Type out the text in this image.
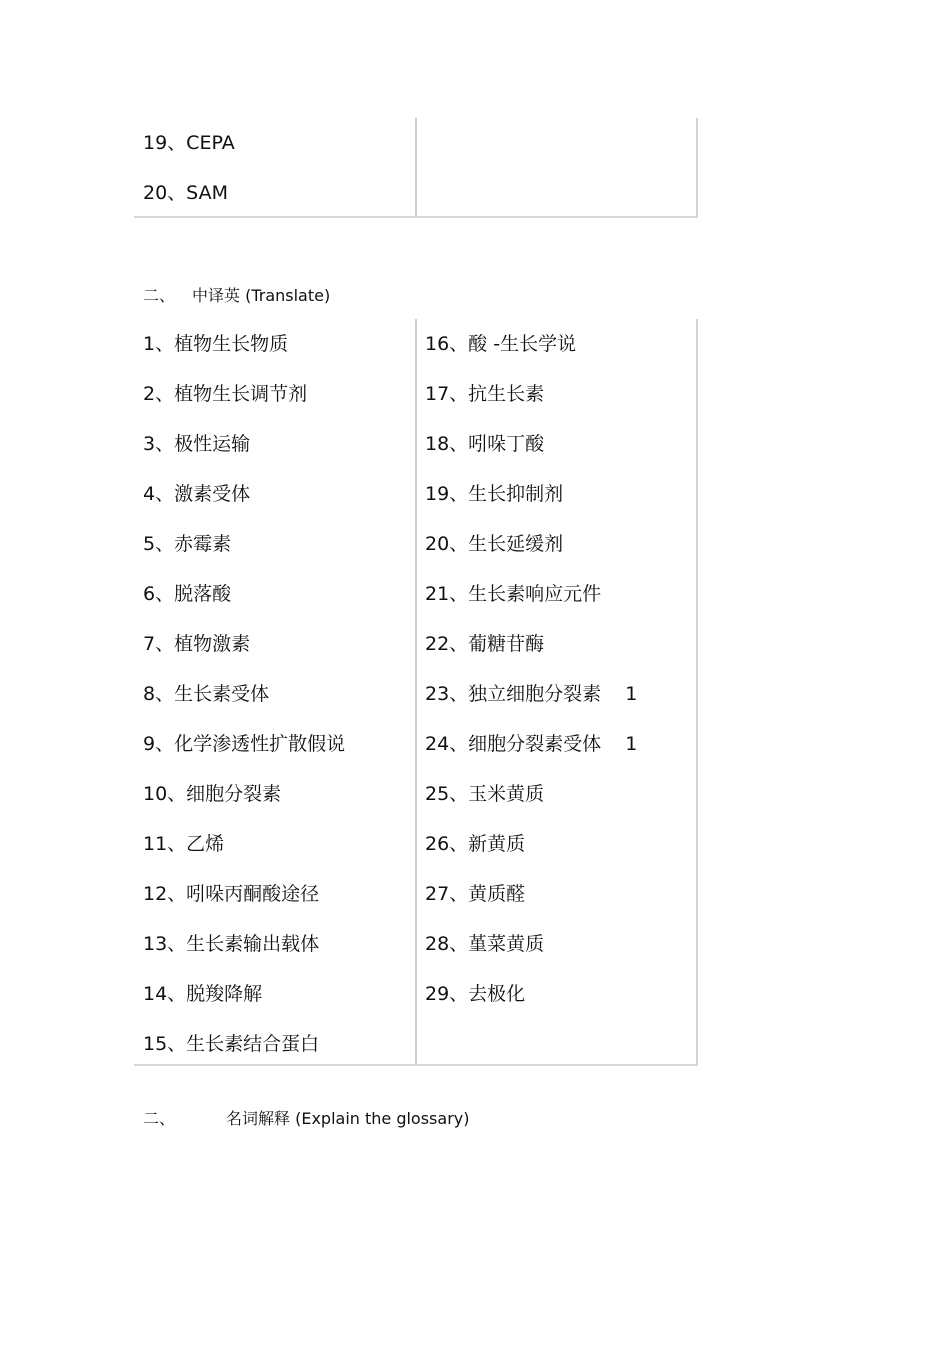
19、CEPA
20、SAM
二、 中译英 (Translate)
1、植物生长物质
2、植物生长调节剂
3、极性运输
4、激素受体
5、赤霉素
6、脱落酸
7、植物激素
8、生长素受体
9、化学渗透性扩散假说
10、细胞分裂素
11、乙烯
12、吲哚丙酮酸途径
13、生长素输出载体
14、脱羧降解
15、生长素结合蛋白
16、酸 -生长学说
17、抗生长素
18、吲哚丁酸
19、生长抑制剂
20、生长延缓剂
21、生长素响应元件
22、葡糖苷酶
23、独立细胞分裂素 1
24、细胞分裂素受体 1
25、玉米黄质
26、新黄质
27、黄质醛
28、堇菜黄质
29、去极化
二、	名词解释 (Explain the glossary)
